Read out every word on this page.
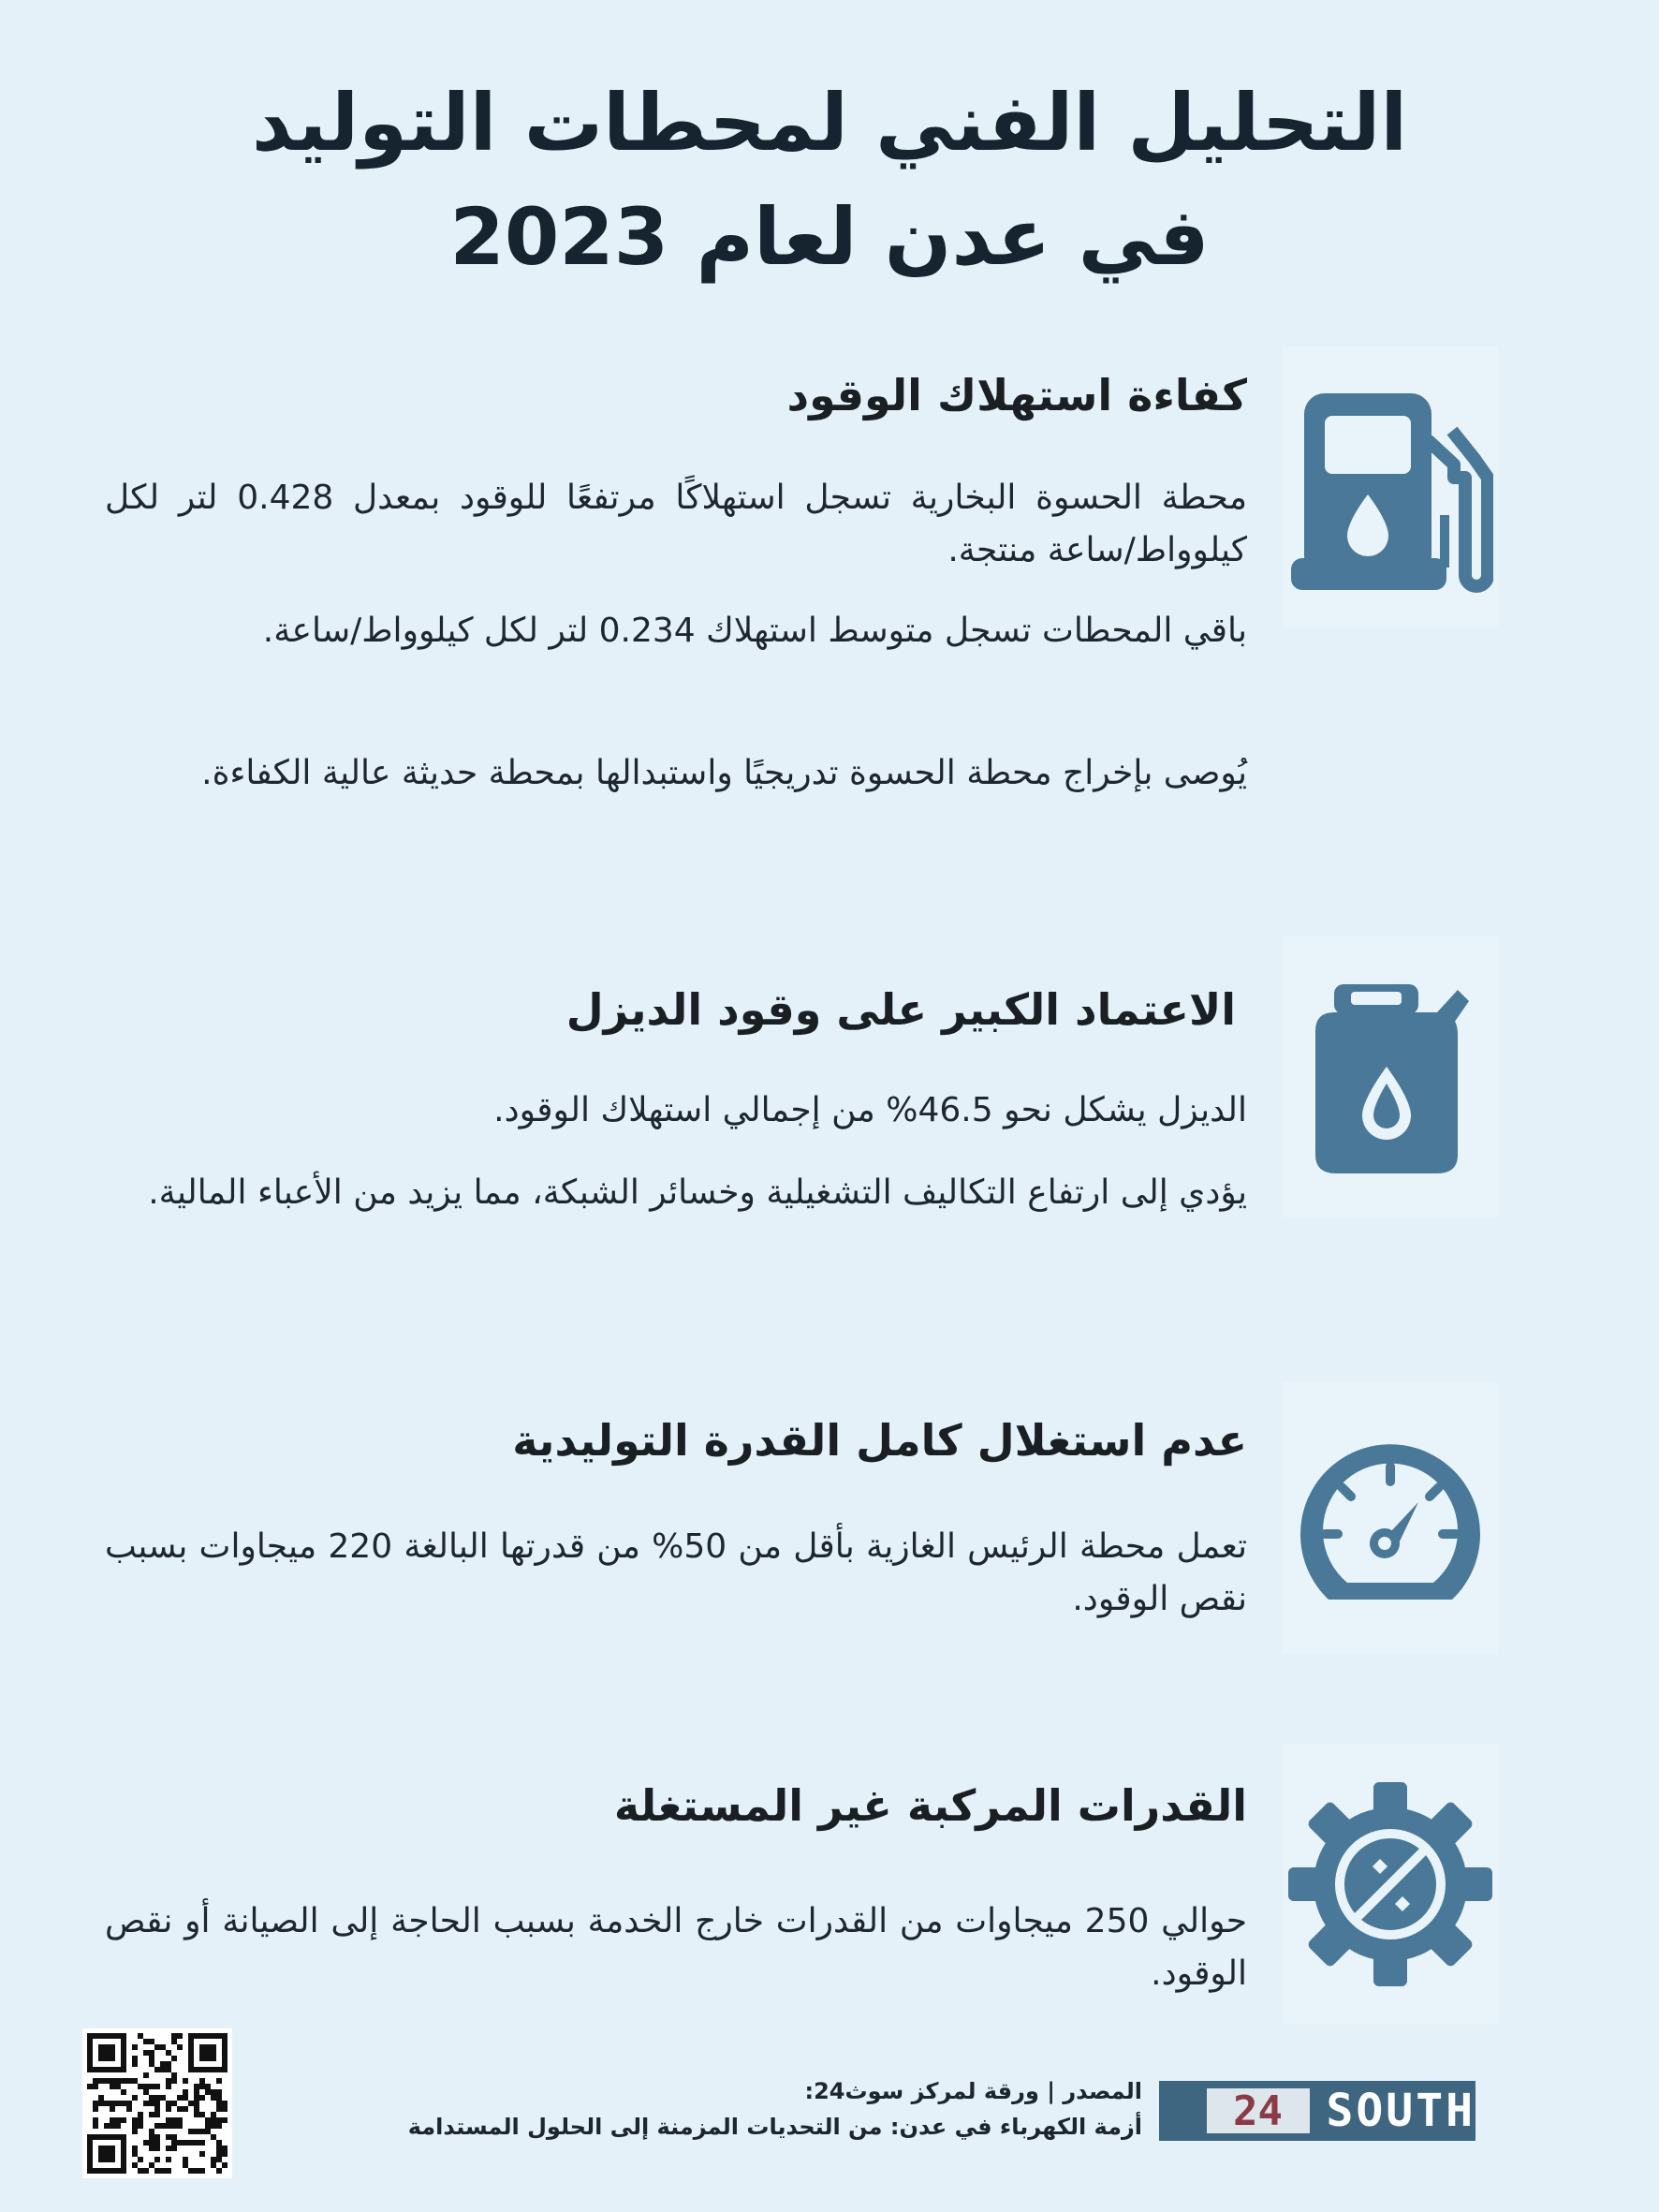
التحليل الفني لمحطات التوليد
في عدن لعام 2023
كفاءة استهلاك الوقود
محطة الحسوة البخارية تسجل استهلاكًا مرتفعًا للوقود بمعدل 0.428 لتر لكل كيلوواط/ساعة منتجة.
باقي المحطات تسجل متوسط استهلاك 0.234 لتر لكل كيلوواط/ساعة.
يُوصى بإخراج محطة الحسوة تدريجيًا واستبدالها بمحطة حديثة عالية الكفاءة.
الاعتماد الكبير على وقود الديزل
الديزل يشكل نحو 46.5% من إجمالي استهلاك الوقود.
يؤدي إلى ارتفاع التكاليف التشغيلية وخسائر الشبكة، مما يزيد من الأعباء المالية.
عدم استغلال كامل القدرة التوليدية
تعمل محطة الرئيس الغازية بأقل من 50% من قدرتها البالغة 220 ميجاوات بسبب نقص الوقود.
القدرات المركبة غير المستغلة
حوالي 250 ميجاوات من القدرات خارج الخدمة بسبب الحاجة إلى الصيانة أو نقص الوقود.
SOUTH
24
المصدر | ورقة لمركز سوث24:
أزمة الكهرباء في عدن: من التحديات المزمنة إلى الحلول المستدامة
